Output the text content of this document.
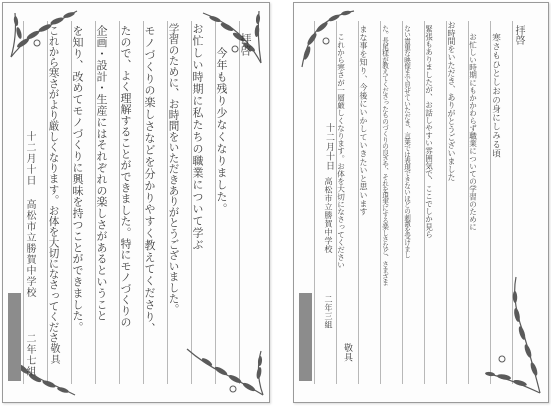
拝啓
今年も残り少なくなりました。
お忙しい時期に私たちの職業について学ぶ
学習のために、お時間をいただきありがとうございました。
モノづくりの楽しさなどを分かりやすく教えてくださり、
たので、よく理解することができました。特にモノづくりの
企画・設計・生産にはそれぞれの楽しさがあるということ
を知り、改めてモノづくりに興味を持つことができました。
これから寒さがより厳しくなります。お体を大切になさってくださ
敬具
十二月十日
高松市立勝賀中学校
二年七組
拝啓
寒さもひとしおの身にしみる頃
お忙しい時期にもかかわらず職業についての学習のために
お時間をいただき、ありがとうございました
緊張もありましたが、お話しやすい雰囲気で、ここでしか見ら
ない貴重な映像まで見せていただき、言葉では表現できないほどの刺激を受けまし
た。長尾様が教えてくださったものづくりの良さや、それを現実にする楽しさなど、さまざま
まな事を知り、今後にいかしていきたいと思います
これから寒さが一層厳しくなります。お体を大切になさってください
十二月十日
高松市立勝賀中学校
二年三組
敬具
